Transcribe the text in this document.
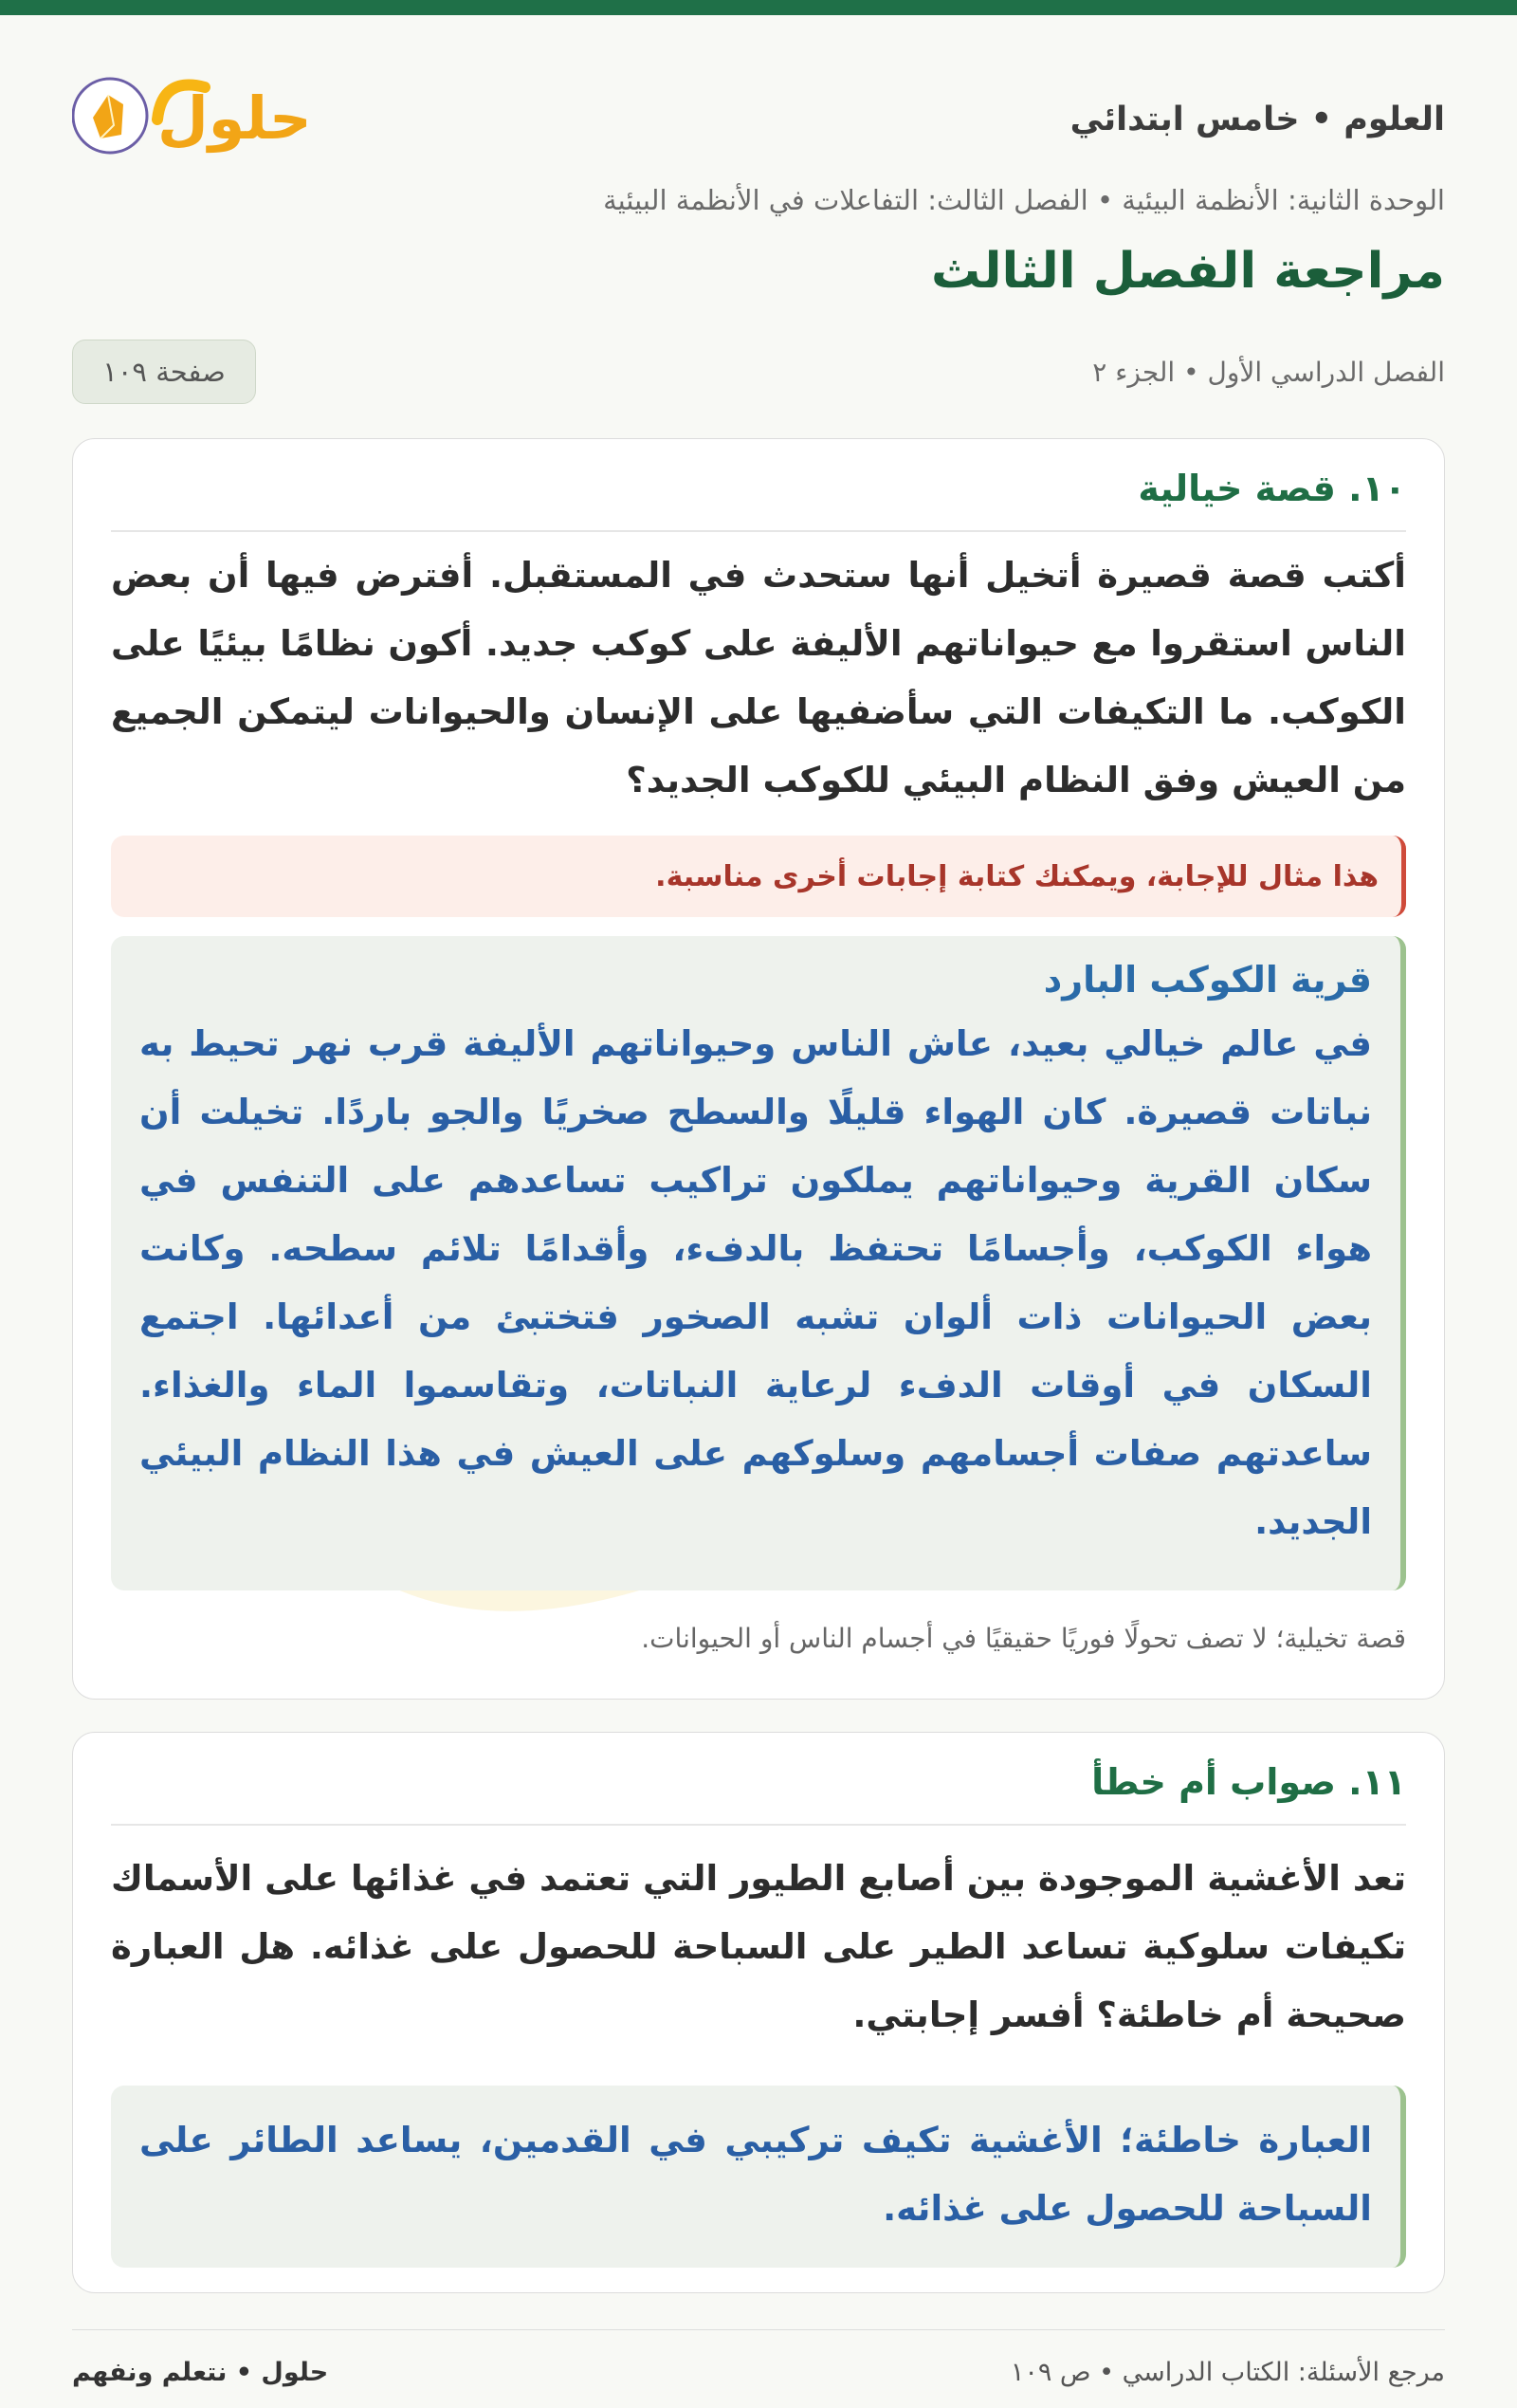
العلوم • خامس ابتدائي
حلول
الوحدة الثانية: الأنظمة البيئية • الفصل الثالث: التفاعلات في الأنظمة البيئية
مراجعة الفصل الثالث
الفصل الدراسي الأول • الجزء ٢
صفحة ١٠٩
١٠. قصة خيالية
أكتب قصة قصيرة أتخيل أنها ستحدث في المستقبل. أفترض فيها أن بعض الناس استقروا مع حيواناتهم الأليفة على كوكب جديد. أكون نظامًا بيئيًا على الكوكب. ما التكيفات التي سأضفيها على الإنسان والحيوانات ليتمكن الجميع من العيش وفق النظام البيئي للكوكب الجديد؟
هذا مثال للإجابة، ويمكنك كتابة إجابات أخرى مناسبة.
قرية الكوكب البارد
في عالم خيالي بعيد، عاش الناس وحيواناتهم الأليفة قرب نهر تحيط به نباتات قصيرة. كان الهواء قليلًا والسطح صخريًا والجو باردًا. تخيلت أن سكان القرية وحيواناتهم يملكون تراكيب تساعدهم على التنفس في هواء الكوكب، وأجسامًا تحتفظ بالدفء، وأقدامًا تلائم سطحه. وكانت بعض الحيوانات ذات ألوان تشبه الصخور فتختبئ من أعدائها. اجتمع السكان في أوقات الدفء لرعاية النباتات، وتقاسموا الماء والغذاء. ساعدتهم صفات أجسامهم وسلوكهم على العيش في هذا النظام البيئي الجديد.
قصة تخيلية؛ لا تصف تحولًا فوريًا حقيقيًا في أجسام الناس أو الحيوانات.
١١. صواب أم خطأ
تعد الأغشية الموجودة بين أصابع الطيور التي تعتمد في غذائها على الأسماك تكيفات سلوكية تساعد الطير على السباحة للحصول على غذائه. هل العبارة صحيحة أم خاطئة؟ أفسر إجابتي.
العبارة خاطئة؛ الأغشية تكيف تركيبي في القدمين، يساعد الطائر على السباحة للحصول على غذائه.
مرجع الأسئلة: الكتاب الدراسي • ص ١٠٩
حلول • نتعلم ونفهم
